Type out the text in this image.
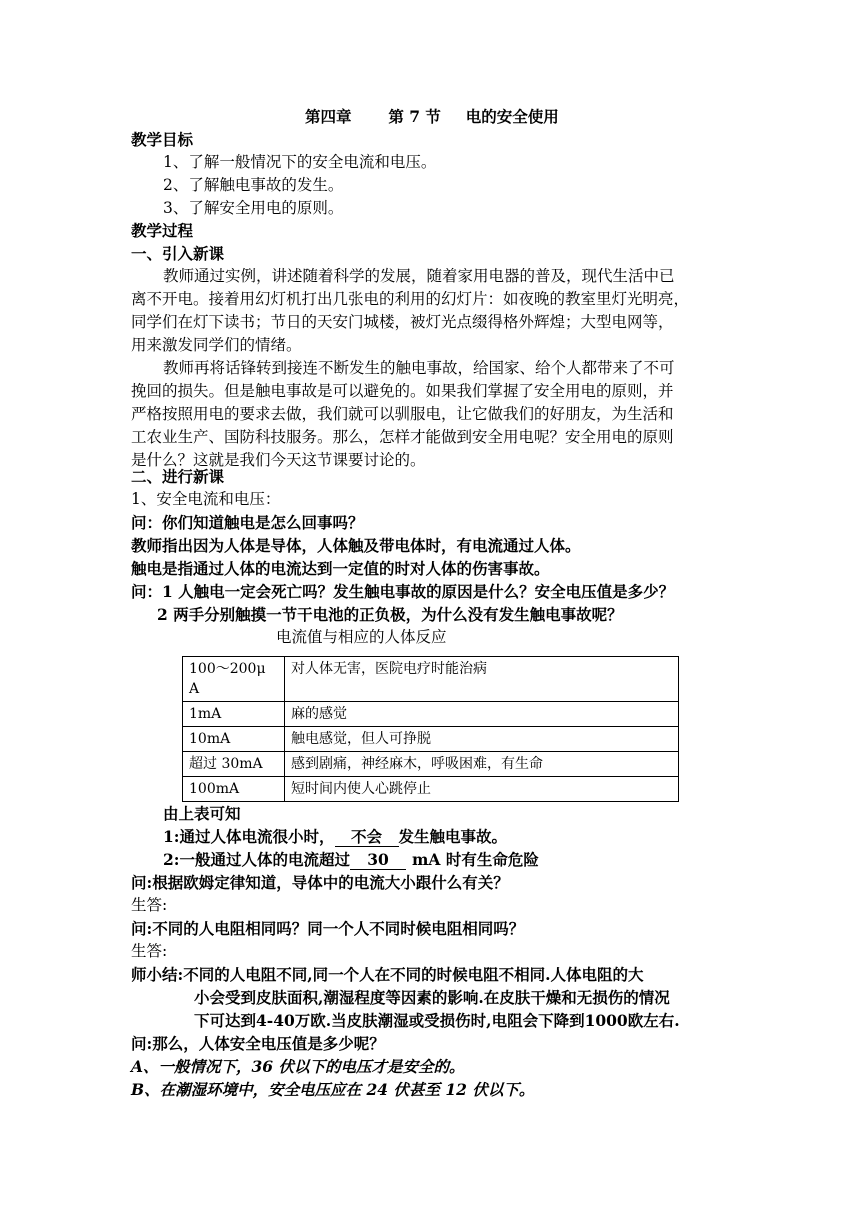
第四章 第 7 节 电的安全使用
教学目标
1、了解一般情况下的安全电流和电压。
2、了解触电事故的发生。
3、了解安全用电的原则。
教学过程
一、引入新课
教师通过实例，讲述随着科学的发展，随着家用电器的普及，现代生活中已
离不开电。接着用幻灯机打出几张电的利用的幻灯片：如夜晚的教室里灯光明亮，
同学们在灯下读书；节日的天安门城楼，被灯光点缀得格外辉煌；大型电网等，
用来激发同学们的情绪。
教师再将话锋转到接连不断发生的触电事故，给国家、给个人都带来了不可
挽回的损失。但是触电事故是可以避免的。如果我们掌握了安全用电的原则，并
严格按照用电的要求去做，我们就可以驯服电，让它做我们的好朋友，为生活和
工农业生产、国防科技服务。那么，怎样才能做到安全用电呢？安全用电的原则
是什么？这就是我们今天这节课要讨论的。
二、进行新课
1、安全电流和电压：
问：你们知道触电是怎么回事吗？
教师指出因为人体是导体，人体触及带电体时，有电流通过人体。
触电是指通过人体的电流达到一定值的时对人体的伤害事故。
问：1 人触电一定会死亡吗？发生触电事故的原因是什么？安全电压值是多少？
2 两手分别触摸一节干电池的正负极，为什么没有发生触电事故呢？
电流值与相应的人体反应
100～200μ
A	对人体无害，医院电疗时能治病
1mA	麻的感觉
10mA	触电感觉，但人可挣脱
超过 30mA	感到剧痛，神经麻木，呼吸困难，有生命
100mA	短时间内使人心跳停止
由上表可知
1:通过人体电流很小时， 不会 发生触电事故。
2:一般通过人体的电流超过 30 mA 时有生命危险
问:根据欧姆定律知道，导体中的电流大小跟什么有关？
生答:
问:不同的人电阻相同吗？同一个人不同时候电阻相同吗？
生答:
师小结:不同的人电阻不同,同一个人在不同的时候电阻不相同.人体电阻的大
小会受到皮肤面积,潮湿程度等因素的影响.在皮肤干燥和无损伤的情况
下可达到4-40万欧.当皮肤潮湿或受损伤时,电阻会下降到1000欧左右.
问:那么，人体安全电压值是多少呢？
A、一般情况下，36 伏以下的电压才是安全的。
B、在潮湿环境中，安全电压应在 24 伏甚至 12 伏以下。
